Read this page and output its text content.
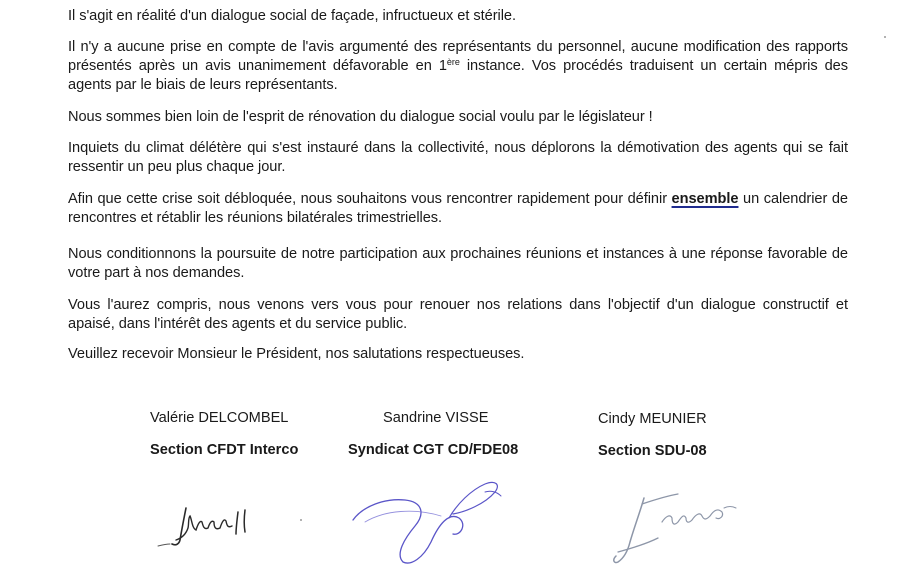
Il s'agit en réalité d'un dialogue social de façade, infructueux et stérile.

Il n'y a aucune prise en compte de l'avis argumenté des représentants du personnel, aucune modification des rapports présentés après un avis unanimement défavorable en 1ère instance. Vos procédés traduisent un certain mépris des agents par le biais de leurs représentants.

Nous sommes bien loin de l'esprit de rénovation du dialogue social voulu par le législateur !

Inquiets du climat délétère qui s'est instauré dans la collectivité, nous déplorons la démotivation des agents qui se fait ressentir un peu plus chaque jour.

Afin que cette crise soit débloquée, nous souhaitons vous rencontrer rapidement pour définir ensemble un calendrier de rencontres et rétablir les réunions bilatérales trimestrielles.

Nous conditionnons la poursuite de notre participation aux prochaines réunions et instances à une réponse favorable de votre part à nos demandes.

Vous l'aurez compris, nous venons vers vous pour renouer nos relations dans l'objectif d'un dialogue constructif et apaisé, dans l'intérêt des agents et du service public.

Veuillez recevoir Monsieur le Président, nos salutations respectueuses.

Valérie DELCOMBEL
Section CFDT Interco
Sandrine VISSE
Syndicat CGT CD/FDE08
Cindy MEUNIER
Section SDU-08
